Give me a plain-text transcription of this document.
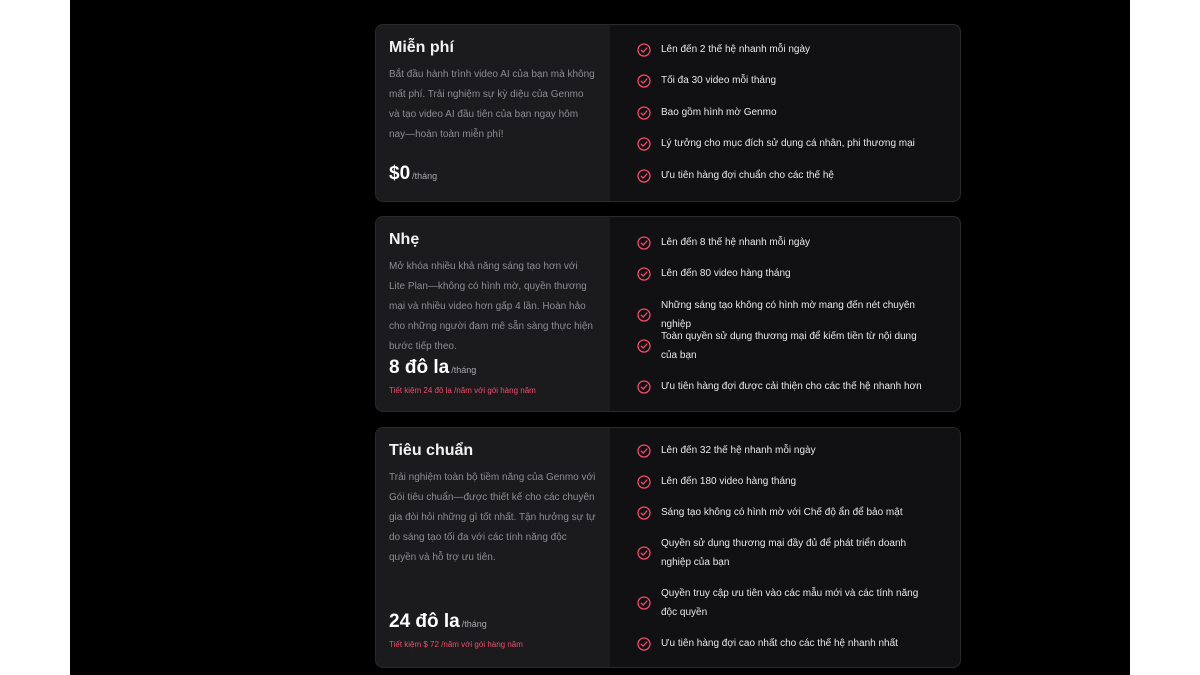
Miễn phí
Bắt đầu hành trình video AI của bạn mà không mất phí. Trải nghiệm sự kỳ diệu của Genmo và tạo video AI đầu tiên của bạn ngay hôm nay—hoàn toàn miễn phí!
$0 /tháng
Lên đến 2 thế hệ nhanh mỗi ngày
Tối đa 30 video mỗi tháng
Bao gồm hình mờ Genmo
Lý tưởng cho mục đích sử dụng cá nhân, phi thương mại
Ưu tiên hàng đợi chuẩn cho các thế hệ
Nhẹ
Mở khóa nhiều khả năng sáng tạo hơn với Lite Plan—không có hình mờ, quyền thương mại và nhiều video hơn gấp 4 lần. Hoàn hảo cho những người đam mê sẵn sàng thực hiện bước tiếp theo.
8 đô la /tháng
Tiết kiệm 24 đô la /năm với gói hàng năm
Lên đến 8 thế hệ nhanh mỗi ngày
Lên đến 80 video hàng tháng
Những sáng tạo không có hình mờ mang đến nét chuyên nghiệp
Toàn quyền sử dụng thương mại để kiếm tiền từ nội dung của bạn
Ưu tiên hàng đợi được cải thiện cho các thế hệ nhanh hơn
Tiêu chuẩn
Trải nghiệm toàn bộ tiềm năng của Genmo với Gói tiêu chuẩn—được thiết kế cho các chuyên gia đòi hỏi những gì tốt nhất. Tận hưởng sự tự do sáng tạo tối đa với các tính năng độc quyền và hỗ trợ ưu tiên.
24 đô la /tháng
Tiết kiệm $ 72 /năm với gói hàng năm
Lên đến 32 thế hệ nhanh mỗi ngày
Lên đến 180 video hàng tháng
Sáng tạo không có hình mờ với Chế độ ẩn để bảo mật
Quyền sử dụng thương mại đầy đủ để phát triển doanh nghiệp của bạn
Quyền truy cập ưu tiên vào các mẫu mới và các tính năng độc quyền
Ưu tiên hàng đợi cao nhất cho các thế hệ nhanh nhất
